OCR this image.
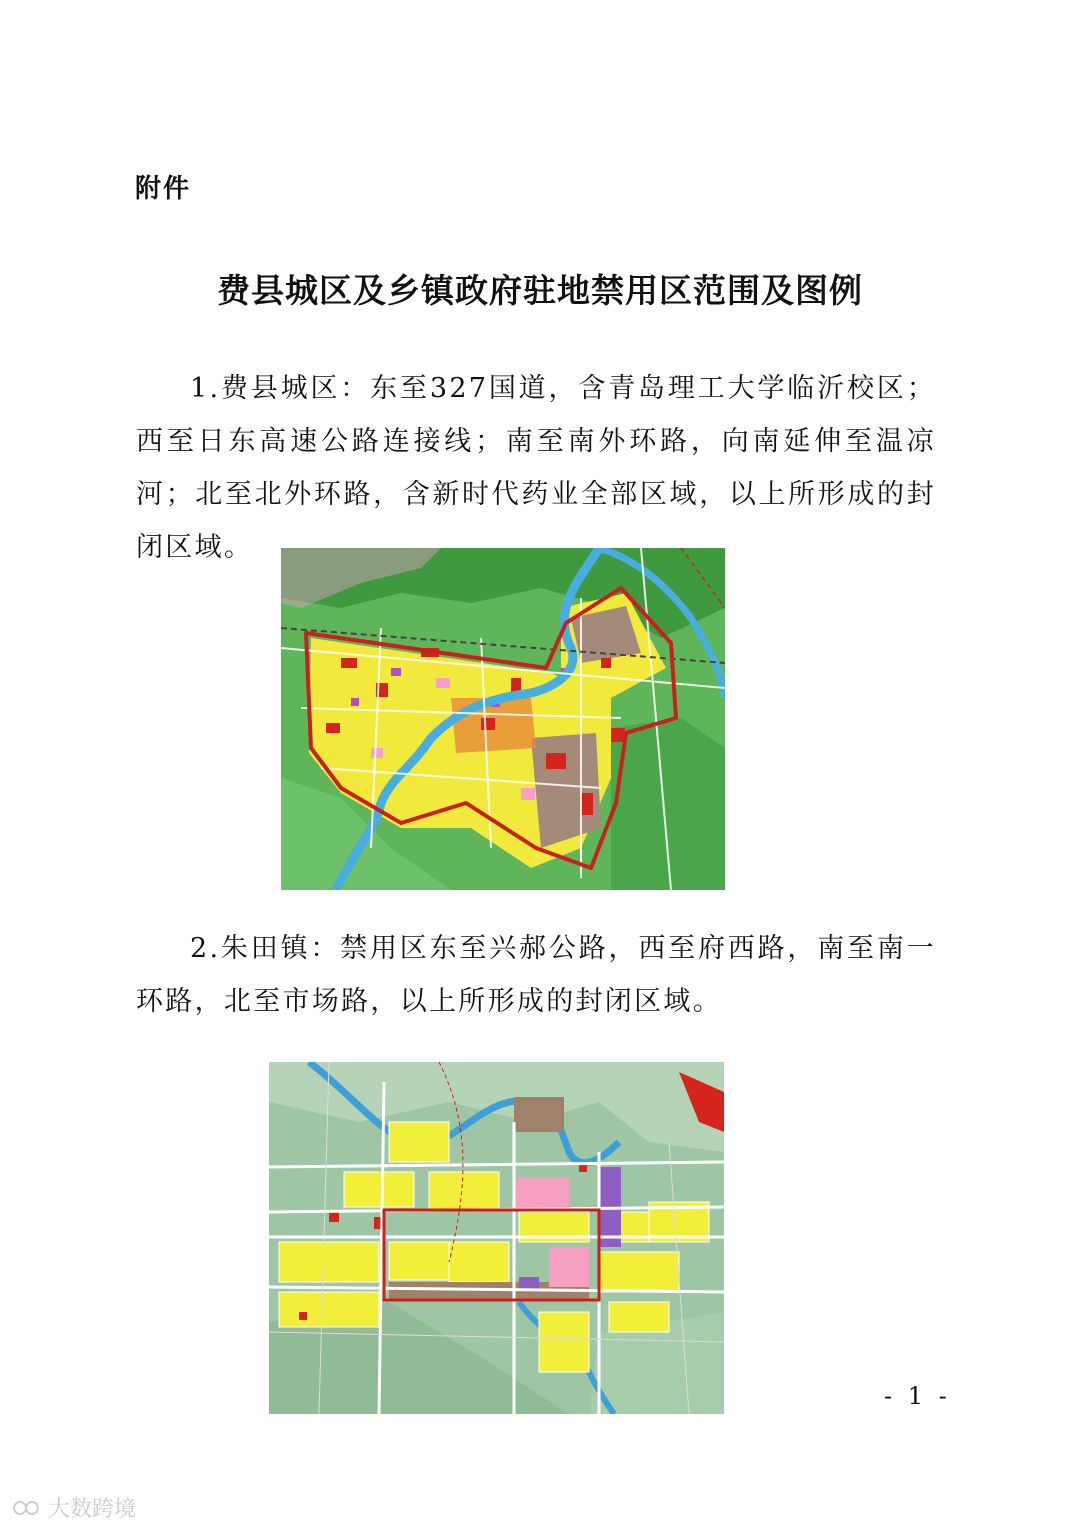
附件
费县城区及乡镇政府驻地禁用区范围及图例
1.费县城区：东至327国道，含青岛理工大学临沂校区；西至日东高速公路连接线；南至南外环路，向南延伸至温凉河；北至北外环路，含新时代药业全部区域，以上所形成的封闭区域。
2.朱田镇：禁用区东至兴郝公路，西至府西路，南至南一环路，北至市场路，以上所形成的封闭区域。
- 1 -
大数跨境
